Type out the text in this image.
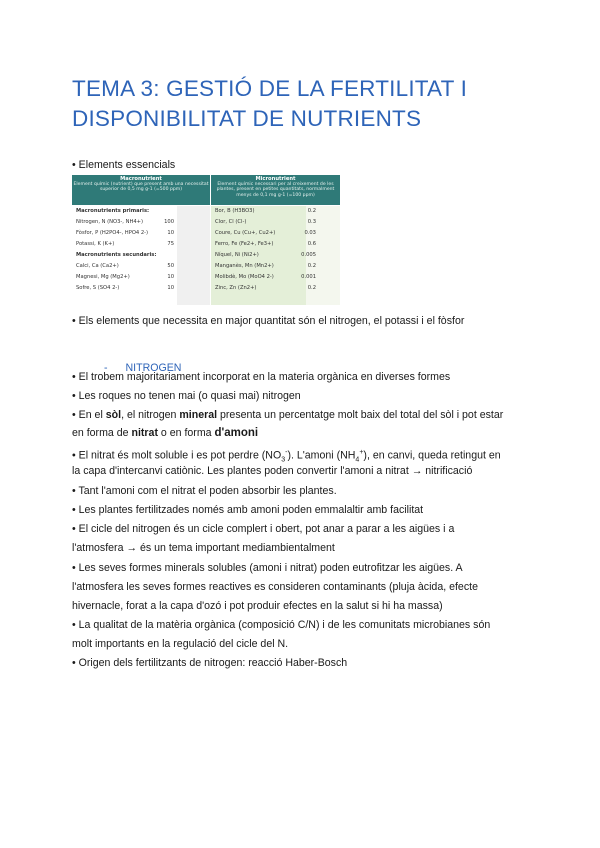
TEMA 3: GESTIÓ DE LA FERTILITAT I
DISPONIBILITAT DE NUTRIENTS
• Elements essencials
Macronutrient
Element químic (nutrient) que present amb una necessitat superior de 0,5 mg g-1 (=500 ppm)
Micronutrient
Element químic necessari per al creixement de les plantes, present en petites quantitats, normalment menys de 0,1 mg g-1 (=100 ppm)
Macronutrients primaris:
Nitrogen, N (NO3-, NH4+)	100
Fòsfor, P (H2PO4-, HPO4 2-)	10
Potassi, K (K+)	75
Macronutrients secundaris:
Calci, Ca (Ca2+)	50
Magnesi, Mg (Mg2+)	10
Sofre, S (SO4 2-)	10
Bor, B (H3BO3)	0.2
Clor, Cl (Cl-)	0.3
Coure, Cu (Cu+, Cu2+)	0.03
Ferro, Fe (Fe2+, Fe3+)	0.6
Níquel, Ni (Ni2+)	0.005
Manganès, Mn (Mn2+)	0.2
Molibdè, Mo (MoO4 2-)	0.001
Zinc, Zn (Zn2+)	0.2
• Els elements que necessita en major quantitat són el nitrogen, el potassi i el fòsfor
- NITROGEN
• El trobem majoritariament incorporat en la materia orgànica en diverses formes
• Les roques no tenen mai (o quasi mai) nitrogen
• En el sòl, el nitrogen mineral presenta un percentatge molt baix del total del sòl i pot estar
en forma de nitrat o en forma d'amoni
• El nitrat és molt soluble i es pot perdre $(NO_3^-)$. L'amoni $(NH_4^+)$, en canvi, queda retingut en
la capa d'intercanvi catiònic. Les plantes poden convertir l'amoni a nitrat → nitrificació
• Tant l'amoni com el nitrat el poden absorbir les plantes.
• Les plantes fertilitzades només amb amoni poden emmalaltir amb facilitat
• El cicle del nitrogen és un cicle complert i obert, pot anar a parar a les aigües i a
l'atmosfera → és un tema important mediambientalment
• Les seves formes minerals solubles (amoni i nitrat) poden eutrofitzar les aigües. A
l'atmosfera les seves formes reactives es consideren contaminants (pluja àcida, efecte
hivernacle, forat a la capa d'ozó i pot produir efectes en la salut si hi ha massa)
• La qualitat de la matèria orgànica (composició C/N) i de les comunitats microbianes són
molt importants en la regulació del cicle del N.
• Origen dels fertilitzants de nitrogen: reacció Haber-Bosch
